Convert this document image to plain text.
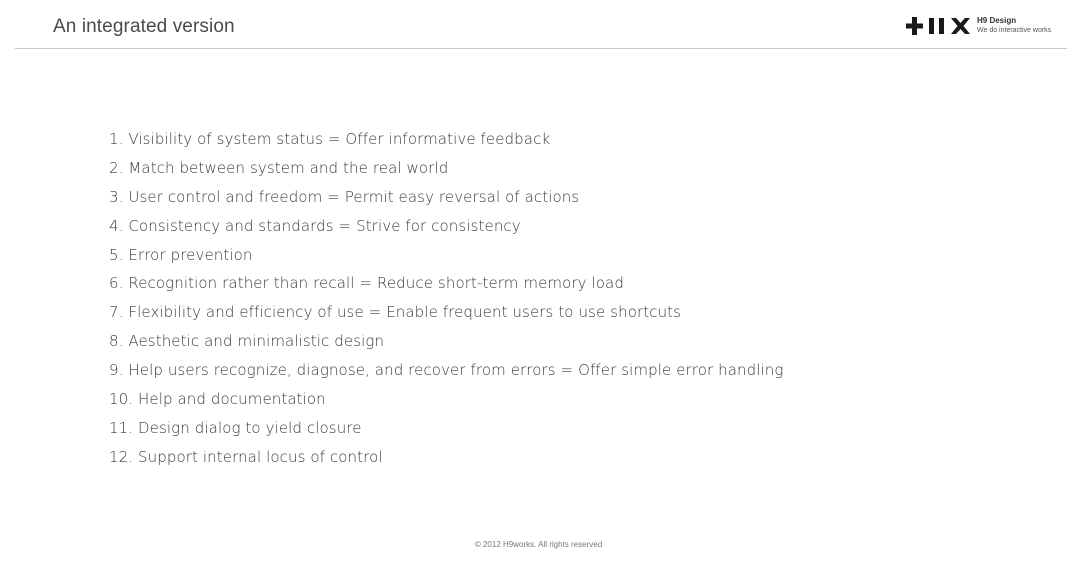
An integrated version	H9 Design
We do interactive works
1. Visibility of system status = Offer informative feedback
2. Match between system and the real world
3. User control and freedom = Permit easy reversal of actions
4. Consistency and standards = Strive for consistency
5. Error prevention
6. Recognition rather than recall = Reduce short-term memory load
7. Flexibility and efficiency of use = Enable frequent users to use shortcuts
8. Aesthetic and minimalistic design
9. Help users recognize, diagnose, and recover from errors = Offer simple error handling
10. Help and documentation
11. Design dialog to yield closure
12. Support internal locus of control
© 2012 H9works. All rights reserved
